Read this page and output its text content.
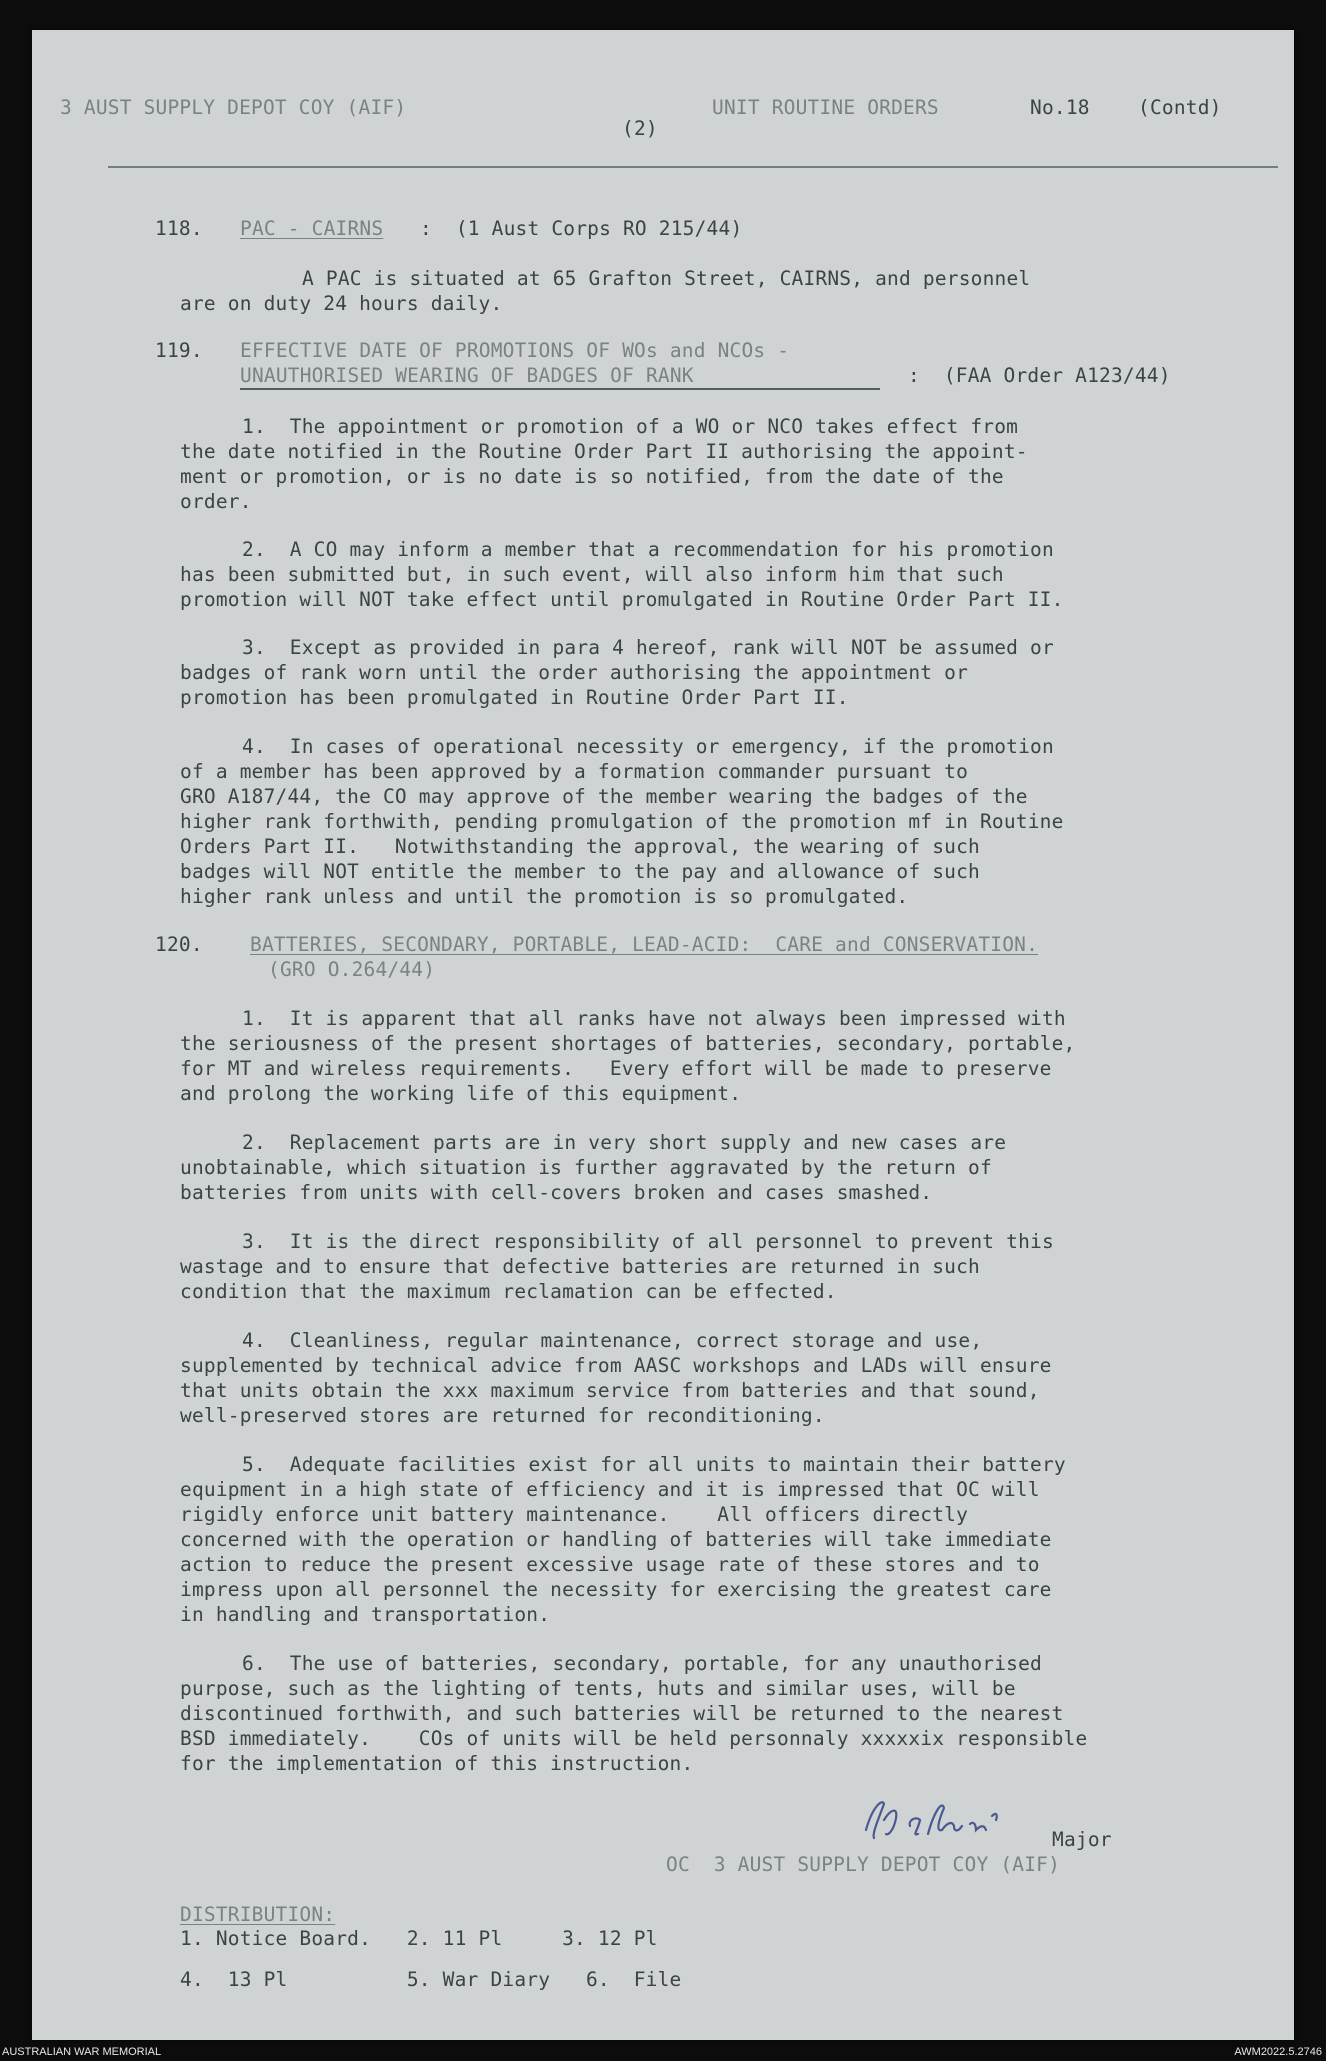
3 AUST SUPPLY DEPOT COY (AIF)	UNIT ROUTINE ORDERS	No.18 (Contd)

(2)

118. PAC - CAIRNS :  (1 Aust Corps RO 215/44)

A PAC is situated at 65 Grafton Street, CAIRNS, and personnel

are on duty 24 hours daily.

119. EFFECTIVE DATE OF PROMOTIONS OF WOs and NCOs -

UNAUTHORISED WEARING OF BADGES OF RANK	:  (FAA Order A123/44)

1.  The appointment or promotion of a WO or NCO takes effect from

the date notified in the Routine Order Part II authorising the appoint-

ment or promotion, or is no date is so notified, from the date of the

order.

2.  A CO may inform a member that a recommendation for his promotion

has been submitted but, in such event, will also inform him that such

promotion will NOT take effect until promulgated in Routine Order Part II.

3.  Except as provided in para 4 hereof, rank will NOT be assumed or

badges of rank worn until the order authorising the appointment or

promotion has been promulgated in Routine Order Part II.

4.  In cases of operational necessity or emergency, if the promotion

of a member has been approved by a formation commander pursuant to

GRO A187/44, the CO may approve of the member wearing the badges of the

higher rank forthwith, pending promulgation of the promotion mf in Routine

Orders Part II.   Notwithstanding the approval, the wearing of such

badges will NOT entitle the member to the pay and allowance of such

higher rank unless and until the promotion is so promulgated.

120. BATTERIES, SECONDARY, PORTABLE, LEAD-ACID:  CARE and CONSERVATION.

(GRO O.264/44)

1.  It is apparent that all ranks have not always been impressed with

the seriousness of the present shortages of batteries, secondary, portable,

for MT and wireless requirements.   Every effort will be made to preserve

and prolong the working life of this equipment.

2.  Replacement parts are in very short supply and new cases are

unobtainable, which situation is further aggravated by the return of

batteries from units with cell-covers broken and cases smashed.

3.  It is the direct responsibility of all personnel to prevent this

wastage and to ensure that defective batteries are returned in such

condition that the maximum reclamation can be effected.

4.  Cleanliness, regular maintenance, correct storage and use,

supplemented by technical advice from AASC workshops and LADs will ensure

that units obtain the xxx maximum service from batteries and that sound,

well-preserved stores are returned for reconditioning.

5.  Adequate facilities exist for all units to maintain their battery

equipment in a high state of efficiency and it is impressed that OC will

rigidly enforce unit battery maintenance.    All officers directly

concerned with the operation or handling of batteries will take immediate

action to reduce the present excessive usage rate of these stores and to

impress upon all personnel the necessity for exercising the greatest care

in handling and transportation.

6.  The use of batteries, secondary, portable, for any unauthorised

purpose, such as the lighting of tents, huts and similar uses, will be

discontinued forthwith, and such batteries will be returned to the nearest

BSD immediately.    COs of units will be held personnaly xxxxxix responsible

for the implementation of this instruction.

Major

OC  3 AUST SUPPLY DEPOT COY (AIF)

DISTRIBUTION:

1. Notice Board.   2. 11 Pl     3. 12 Pl

4.  13 Pl          5. War Diary   6.  File

AUSTRALIAN WAR MEMORIAL	AWM2022.5.2746
